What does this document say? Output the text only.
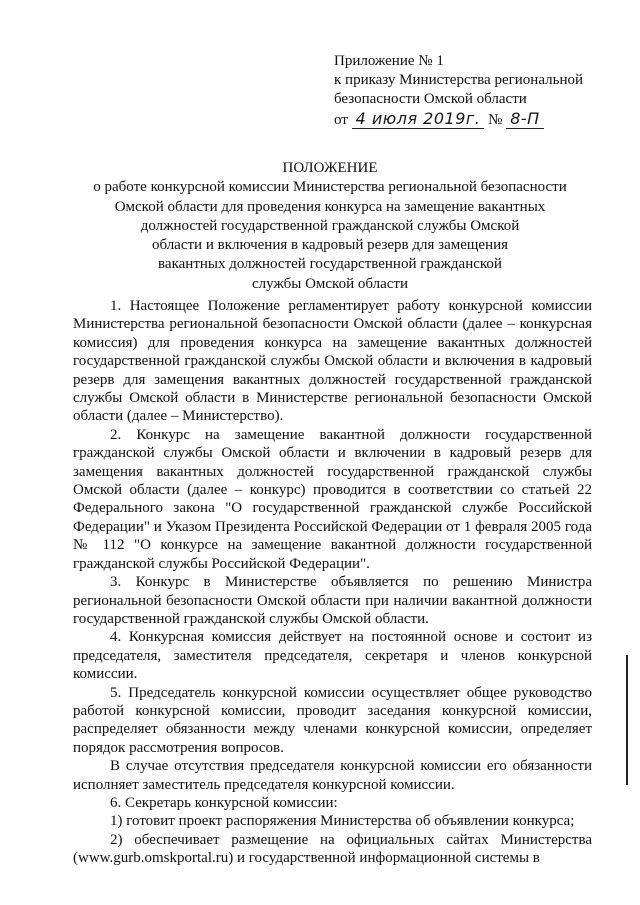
Приложение № 1
к приказу Министерства региональной
безопасности Омской области
от 4 июля 2019г. № 8-П
ПОЛОЖЕНИЕ
о работе конкурсной комиссии Министерства региональной безопасности
Омской области для проведения конкурса на замещение вакантных
должностей государственной гражданской службы Омской
области и включения в кадровый резерв для замещения
вакантных должностей государственной гражданской
службы Омской области

1. Настоящее Положение регламентирует работу конкурсной комиссии Министерства региональной безопасности Омской области (далее – конкурсная комиссия) для проведения конкурса на замещение вакантных должностей государственной гражданской службы Омской области и включения в кадровый резерв для замещения вакантных должностей государственной гражданской службы Омской области в Министерстве региональной безопасности Омской области (далее – Министерство).

2. Конкурс на замещение вакантной должности государственной гражданской службы Омской области и включении в кадровый резерв для замещения вакантных должностей государственной гражданской службы Омской области (далее – конкурс) проводится в соответствии со статьей 22 Федерального закона "О государственной гражданской службе Российской Федерации" и Указом Президента Российской Федерации от 1 февраля 2005 года № 112 "О конкурсе на замещение вакантной должности государственной гражданской службы Российской Федерации".

3. Конкурс в Министерстве объявляется по решению Министра региональной безопасности Омской области при наличии вакантной должности государственной гражданской службы Омской области.

4. Конкурсная комиссия действует на постоянной основе и состоит из председателя, заместителя председателя, секретаря и членов конкурсной комиссии.

5. Председатель конкурсной комиссии осуществляет общее руководство работой конкурсной комиссии, проводит заседания конкурсной комиссии, распределяет обязанности между членами конкурсной комиссии, определяет порядок рассмотрения вопросов.

В случае отсутствия председателя конкурсной комиссии его обязанности исполняет заместитель председателя конкурсной комиссии.

6. Секретарь конкурсной комиссии:

1) готовит проект распоряжения Министерства об объявлении конкурса;

2) обеспечивает размещение на официальных сайтах Министерства (www.gurb.omskportal.ru) и государственной информационной системы в
